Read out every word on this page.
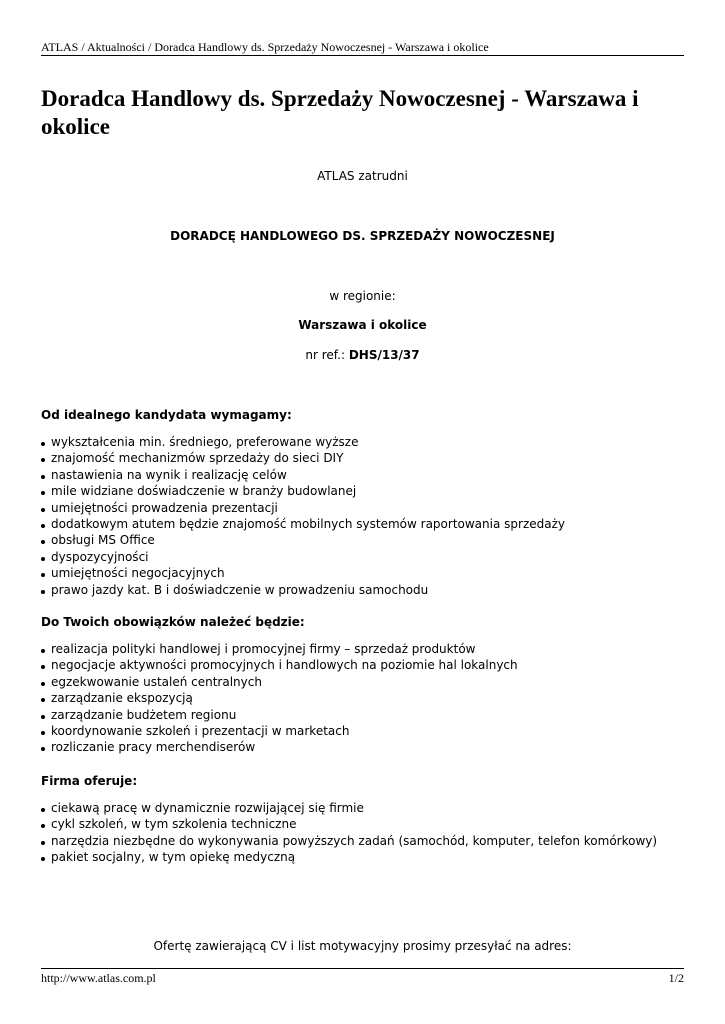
ATLAS / Aktualności / Doradca Handlowy ds. Sprzedaży Nowoczesnej - Warszawa i okolice
Doradca Handlowy ds. Sprzedaży Nowoczesnej - Warszawa i okolice
ATLAS zatrudni
DORADCĘ HANDLOWEGO DS. SPRZEDAŻY NOWOCZESNEJ
w regionie:
Warszawa i okolice
nr ref.: DHS/13/37
Od idealnego kandydata wymagamy:
wykształcenia min. średniego, preferowane wyższe
znajomość mechanizmów sprzedaży do sieci DIY
nastawienia na wynik i realizację celów
mile widziane doświadczenie w branży budowlanej
umiejętności prowadzenia prezentacji
dodatkowym atutem będzie znajomość mobilnych systemów raportowania sprzedaży
obsługi MS Office
dyspozycyjności
umiejętności negocjacyjnych
prawo jazdy kat. B i doświadczenie w prowadzeniu samochodu
Do Twoich obowiązków należeć będzie:
realizacja polityki handlowej i promocyjnej firmy – sprzedaż produktów
negocjacje aktywności promocyjnych i handlowych na poziomie hal lokalnych
egzekwowanie ustaleń centralnych
zarządzanie ekspozycją
zarządzanie budżetem regionu
koordynowanie szkoleń i prezentacji w marketach
rozliczanie pracy merchendiserów
Firma oferuje:
ciekawą pracę w dynamicznie rozwijającej się firmie
cykl szkoleń, w tym szkolenia techniczne
narzędzia niezbędne do wykonywania powyższych zadań (samochód, komputer, telefon komórkowy)
pakiet socjalny, w tym opiekę medyczną
Ofertę zawierającą CV i list motywacyjny prosimy przesyłać na adres:
http://www.atlas.com.pl	1/2
